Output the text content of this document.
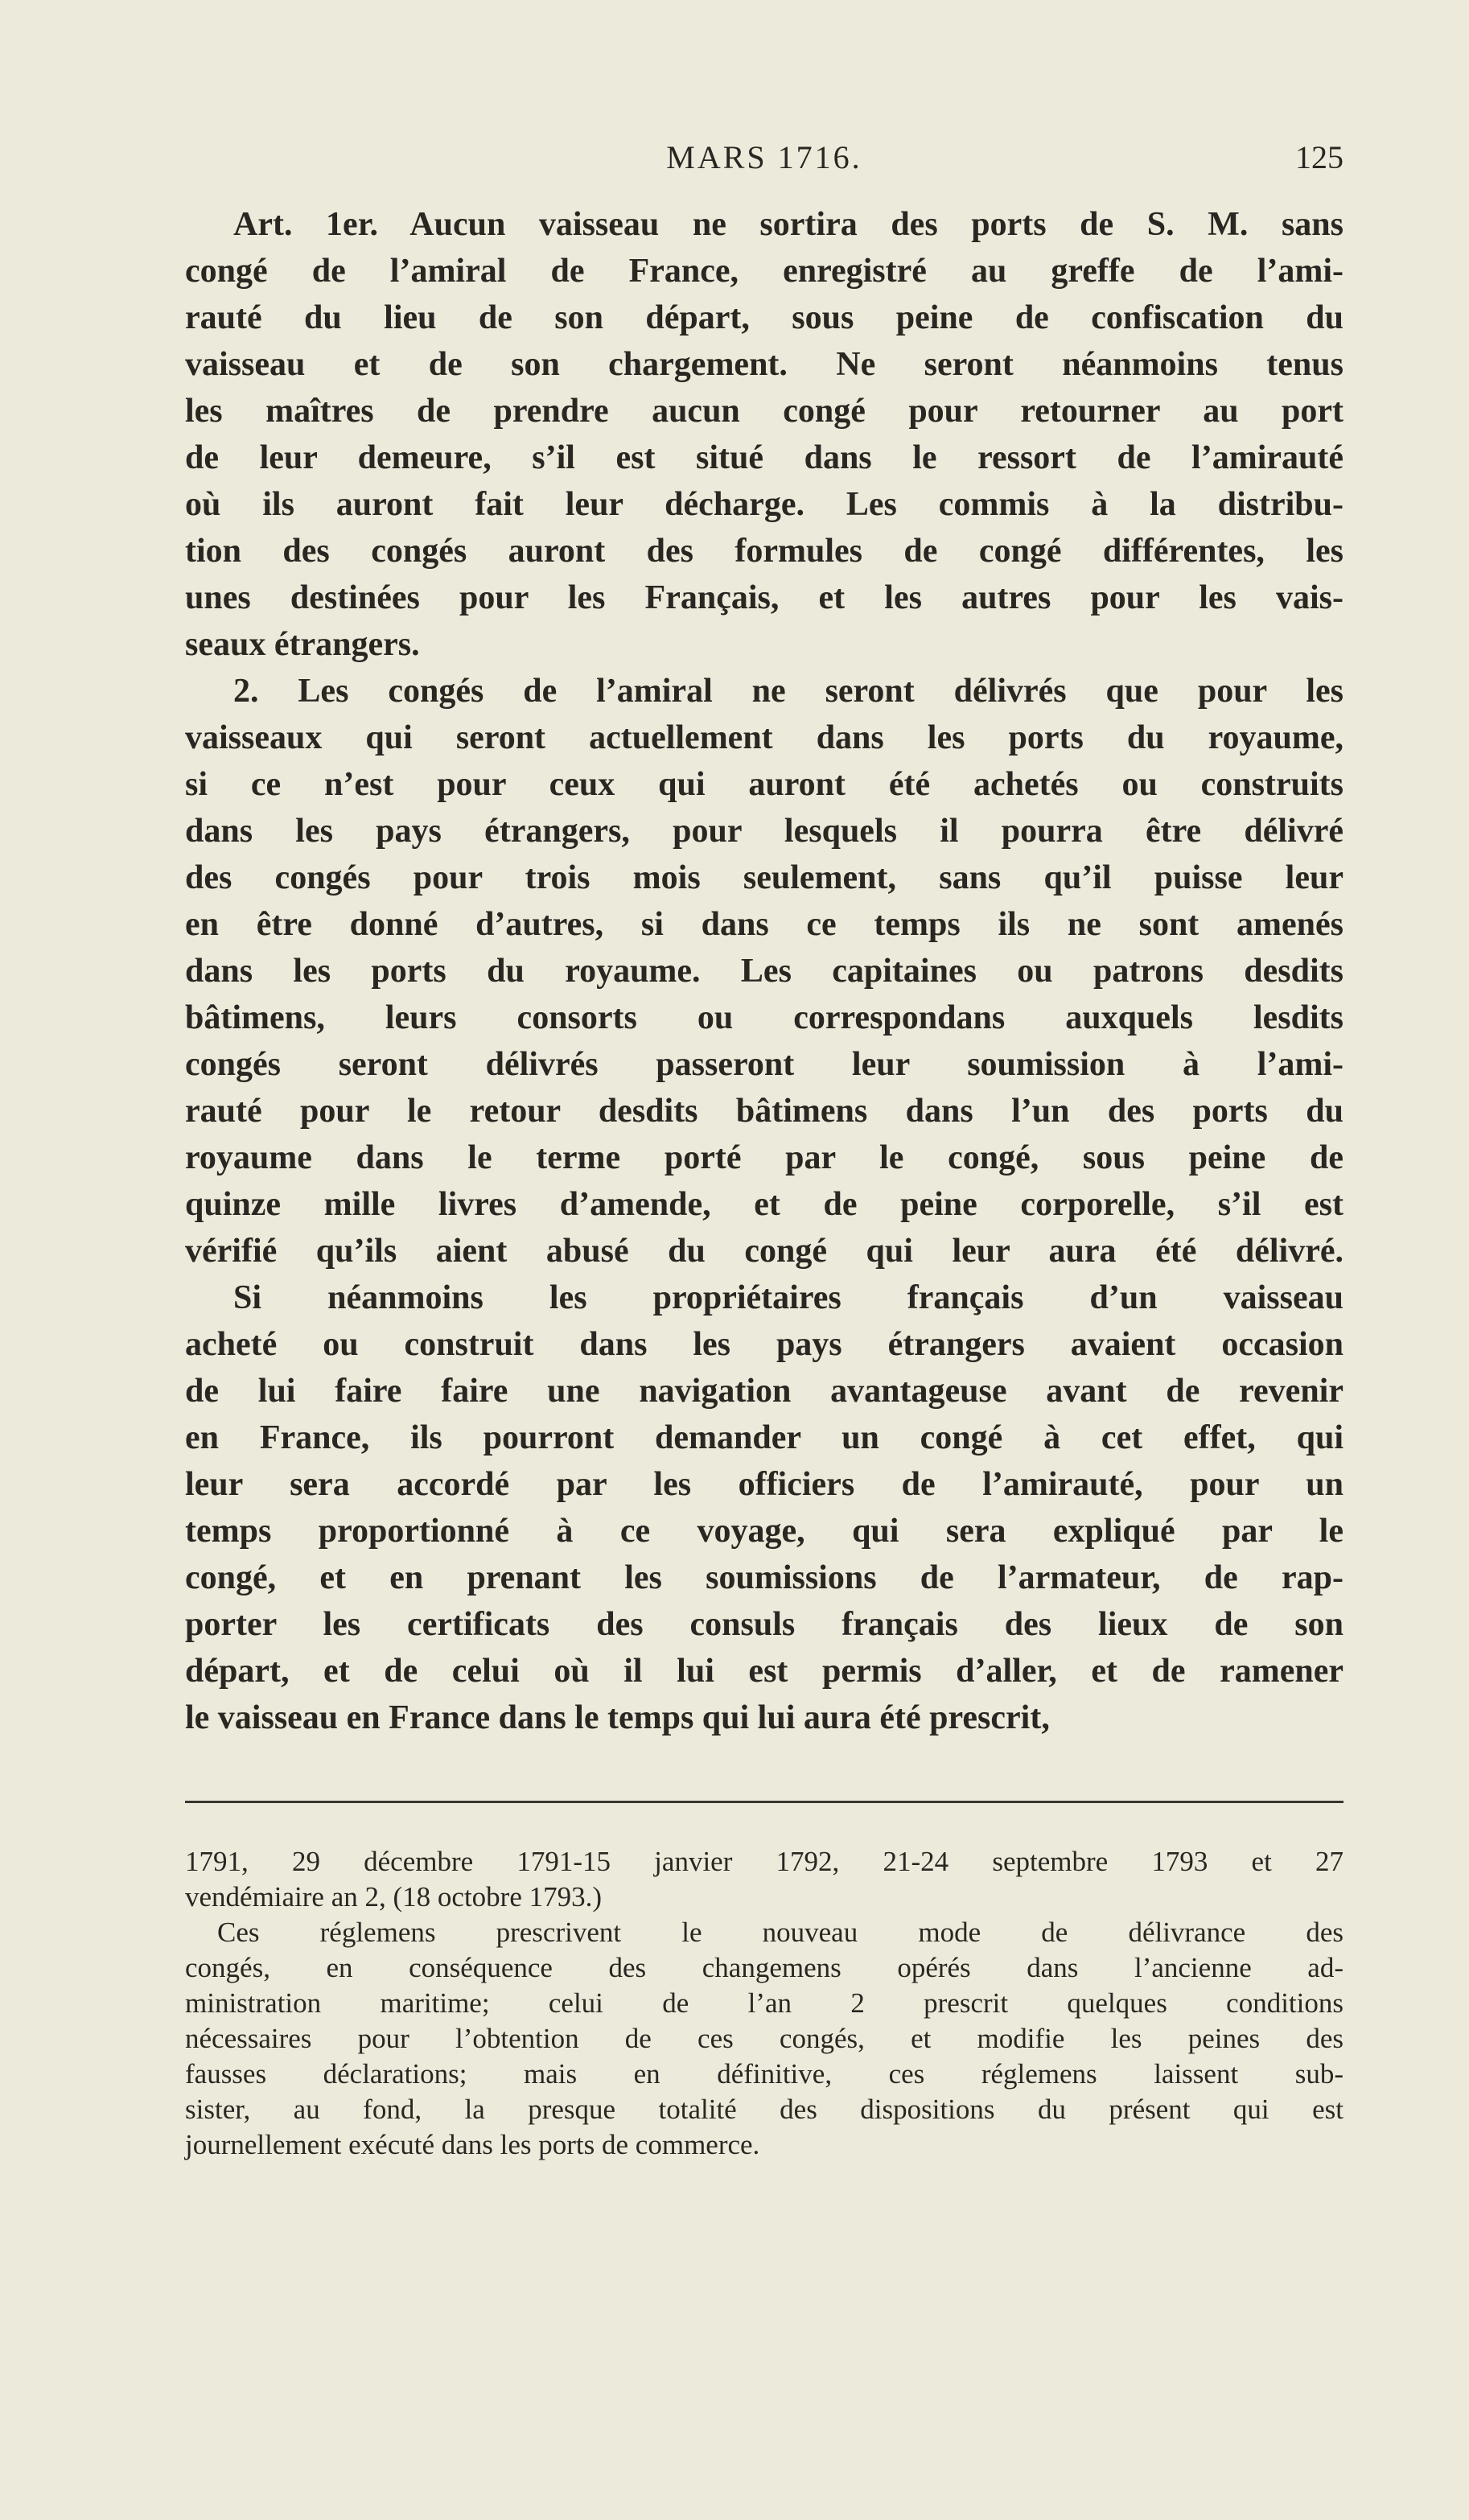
MARS 1716.	125
Art. 1er. Aucun vaisseau ne sortira des ports de S. M. sans
congé de l’amiral de France, enregistré au greffe de l’ami-
rauté du lieu de son départ, sous peine de confiscation du
vaisseau et de son chargement. Ne seront néanmoins tenus
les maîtres de prendre aucun congé pour retourner au port
de leur demeure, s’il est situé dans le ressort de l’amirauté
où ils auront fait leur décharge. Les commis à la distribu-
tion des congés auront des formules de congé différentes, les
unes destinées pour les Français, et les autres pour les vais-
seaux étrangers.
2. Les congés de l’amiral ne seront délivrés que pour les
vaisseaux qui seront actuellement dans les ports du royaume,
si ce n’est pour ceux qui auront été achetés ou construits
dans les pays étrangers, pour lesquels il pourra être délivré
des congés pour trois mois seulement, sans qu’il puisse leur
en être donné d’autres, si dans ce temps ils ne sont amenés
dans les ports du royaume. Les capitaines ou patrons desdits
bâtimens, leurs consorts ou correspondans auxquels lesdits
congés seront délivrés passeront leur soumission à l’ami-
rauté pour le retour desdits bâtimens dans l’un des ports du
royaume dans le terme porté par le congé, sous peine de
quinze mille livres d’amende, et de peine corporelle, s’il est
vérifié qu’ils aient abusé du congé qui leur aura été délivré.
Si néanmoins les propriétaires français d’un vaisseau
acheté ou construit dans les pays étrangers avaient occasion
de lui faire faire une navigation avantageuse avant de revenir
en France, ils pourront demander un congé à cet effet, qui
leur sera accordé par les officiers de l’amirauté, pour un
temps proportionné à ce voyage, qui sera expliqué par le
congé, et en prenant les soumissions de l’armateur, de rap-
porter les certificats des consuls français des lieux de son
départ, et de celui où il lui est permis d’aller, et de ramener
le vaisseau en France dans le temps qui lui aura été prescrit,
1791, 29 décembre 1791-15 janvier 1792, 21-24 septembre 1793 et 27
vendémiaire an 2, (18 octobre 1793.)
Ces réglemens prescrivent le nouveau mode de délivrance des
congés, en conséquence des changemens opérés dans l’ancienne ad-
ministration maritime; celui de l’an 2 prescrit quelques conditions
nécessaires pour l’obtention de ces congés, et modifie les peines des
fausses déclarations; mais en définitive, ces réglemens laissent sub-
sister, au fond, la presque totalité des dispositions du présent qui est
journellement exécuté dans les ports de commerce.
